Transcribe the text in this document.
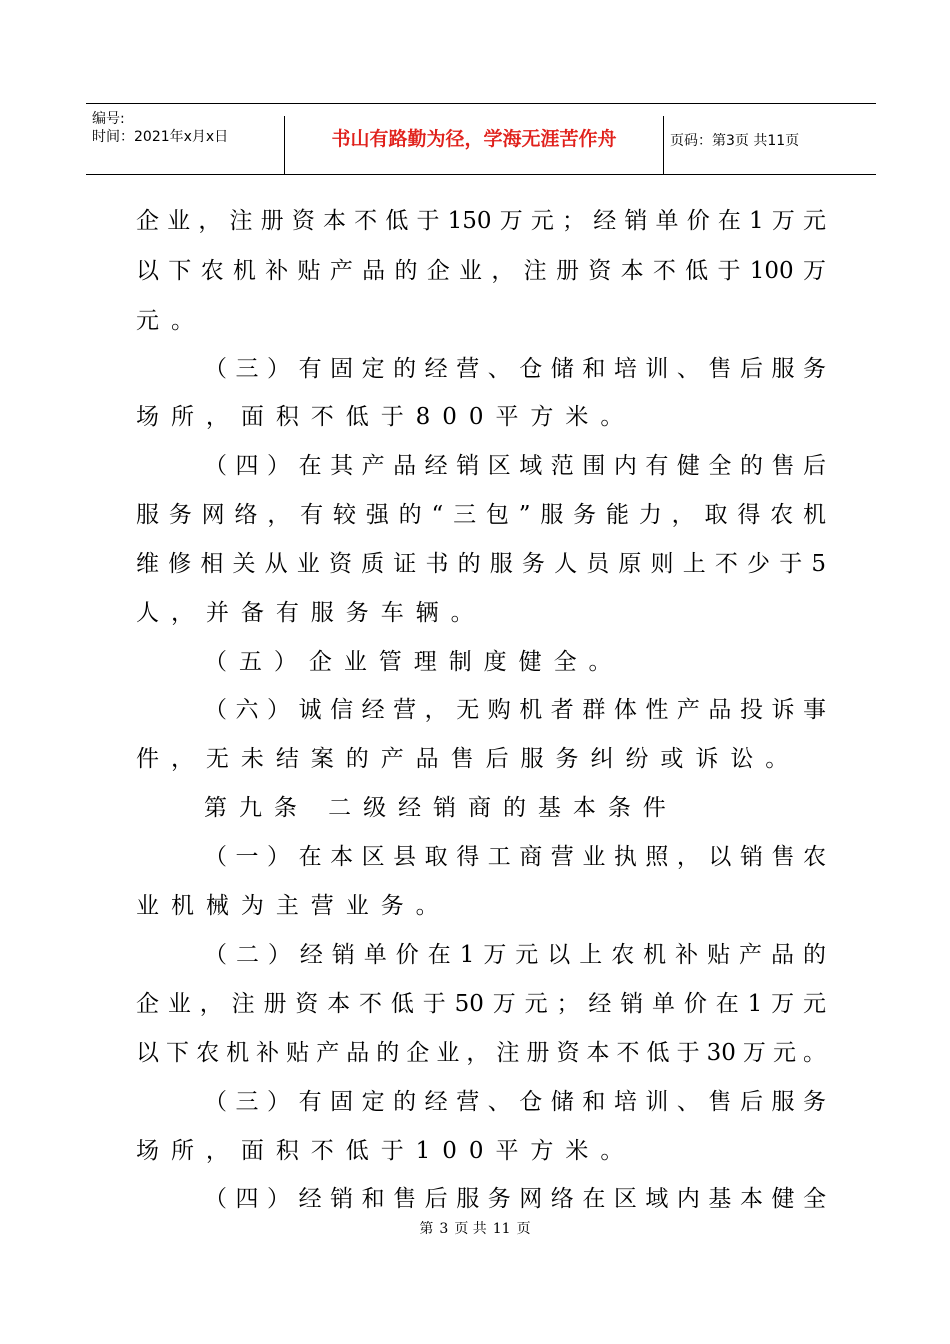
编号:
时间：2021年x月x日	书山有路勤为径，学海无涯苦作舟	页码：第3页 共11页
企业，注册资本不低于150万元；经销单价在1万元
以下农机补贴产品的企业，注册资本不低于100万
元。
（三）有固定的经营、仓储和培训、售后服务
场所，面积不低于800平方米。
（四）在其产品经销区域范围内有健全的售后
服务网络，有较强的“三包”服务能力，取得农机
维修相关从业资质证书的服务人员原则上不少于5
人，并备有服务车辆。
（五）企业管理制度健全。
（六）诚信经营，无购机者群体性产品投诉事
件，无未结案的产品售后服务纠纷或诉讼。
第九条 二级经销商的基本条件
（一）在本区县取得工商营业执照，以销售农
业机械为主营业务。
（二）经销单价在1万元以上农机补贴产品的
企业，注册资本不低于50万元；经销单价在1万元
以下农机补贴产品的企业，注册资本不低于30万元。
（三）有固定的经营、仓储和培训、售后服务
场所，面积不低于100平方米。
（四）经销和售后服务网络在区域内基本健全
第 3 页 共 11 页
